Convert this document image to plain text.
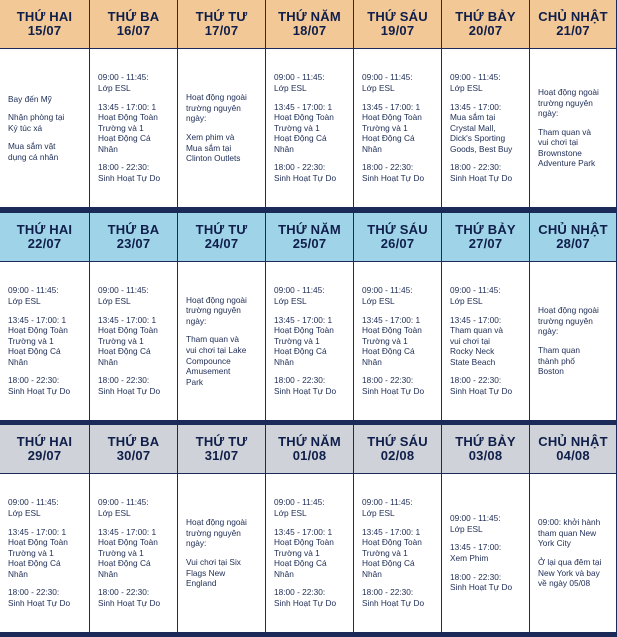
THỨ HAI
15/07
Bay đến Mỹ
Nhận phòng tại
Ký túc xá
Mua sắm vật
dụng cá nhân
THỨ BA
16/07
09:00 - 11:45:
Lớp ESL
13:45 - 17:00: 1
Hoạt Động Toàn
Trường và 1
Hoạt Động Cá
Nhân
18:00 - 22:30:
Sinh Hoạt Tự Do
THỨ TƯ
17/07
Hoạt động ngoài
trường nguyên
ngày:
Xem phim và
Mua sắm tại
Clinton Outlets
THỨ NĂM
18/07
09:00 - 11:45:
Lớp ESL
13:45 - 17:00: 1
Hoạt Động Toàn
Trường và 1
Hoạt Động Cá
Nhân
18:00 - 22:30:
Sinh Hoạt Tự Do
THỨ SÁU
19/07
09:00 - 11:45:
Lớp ESL
13:45 - 17:00: 1
Hoạt Động Toàn
Trường và 1
Hoạt Động Cá
Nhân
18:00 - 22:30:
Sinh Hoạt Tự Do
THỨ BẢY
20/07
09:00 - 11:45:
Lớp ESL
13:45 - 17:00:
Mua sắm tại
Crystal Mall,
Dick's Sporting
Goods, Best Buy
18:00 - 22:30:
Sinh Hoạt Tự Do
CHỦ NHẬT
21/07
Hoạt động ngoài
trường nguyên
ngày:
Tham quan và
vui chơi tại
Brownstone
Adventure Park
THỨ HAI
22/07
09:00 - 11:45:
Lớp ESL
13:45 - 17:00: 1
Hoạt Động Toàn
Trường và 1
Hoạt Động Cá
Nhân
18:00 - 22:30:
Sinh Hoạt Tự Do
THỨ BA
23/07
09:00 - 11:45:
Lớp ESL
13:45 - 17:00: 1
Hoạt Động Toàn
Trường và 1
Hoạt Động Cá
Nhân
18:00 - 22:30:
Sinh Hoạt Tự Do
THỨ TƯ
24/07
Hoạt động ngoài
trường nguyên
ngày:
Tham quan và
vui chơi tại Lake
Compounce
Amusement
Park
THỨ NĂM
25/07
09:00 - 11:45:
Lớp ESL
13:45 - 17:00: 1
Hoạt Động Toàn
Trường và 1
Hoạt Động Cá
Nhân
18:00 - 22:30:
Sinh Hoạt Tự Do
THỨ SÁU
26/07
09:00 - 11:45:
Lớp ESL
13:45 - 17:00: 1
Hoạt Động Toàn
Trường và 1
Hoạt Động Cá
Nhân
18:00 - 22:30:
Sinh Hoạt Tự Do
THỨ BẢY
27/07
09:00 - 11:45:
Lớp ESL
13:45 - 17:00:
Tham quan và
vui chơi tại
Rocky Neck
State Beach
18:00 - 22:30:
Sinh Hoạt Tự Do
CHỦ NHẬT
28/07
Hoạt động ngoài
trường nguyên
ngày:
Tham quan
thành phố
Boston
THỨ HAI
29/07
09:00 - 11:45:
Lớp ESL
13:45 - 17:00: 1
Hoạt Động Toàn
Trường và 1
Hoạt Động Cá
Nhân
18:00 - 22:30:
Sinh Hoạt Tự Do
THỨ BA
30/07
09:00 - 11:45:
Lớp ESL
13:45 - 17:00: 1
Hoạt Động Toàn
Trường và 1
Hoạt Động Cá
Nhân
18:00 - 22:30:
Sinh Hoạt Tự Do
THỨ TƯ
31/07
Hoạt động ngoài
trường nguyên
ngày:
Vui chơi tại Six
Flags New
England
THỨ NĂM
01/08
09:00 - 11:45:
Lớp ESL
13:45 - 17:00: 1
Hoạt Động Toàn
Trường và 1
Hoạt Động Cá
Nhân
18:00 - 22:30:
Sinh Hoạt Tự Do
THỨ SÁU
02/08
09:00 - 11:45:
Lớp ESL
13:45 - 17:00: 1
Hoạt Động Toàn
Trường và 1
Hoạt Động Cá
Nhân
18:00 - 22:30:
Sinh Hoạt Tự Do
THỨ BẢY
03/08
09:00 - 11:45:
Lớp ESL
13:45 - 17:00:
Xem Phim
18:00 - 22:30:
Sinh Hoạt Tự Do
CHỦ NHẬT
04/08
09:00: khởi hành
tham quan New
York City
Ở lại qua đêm tại
New York và bay
về ngày 05/08
